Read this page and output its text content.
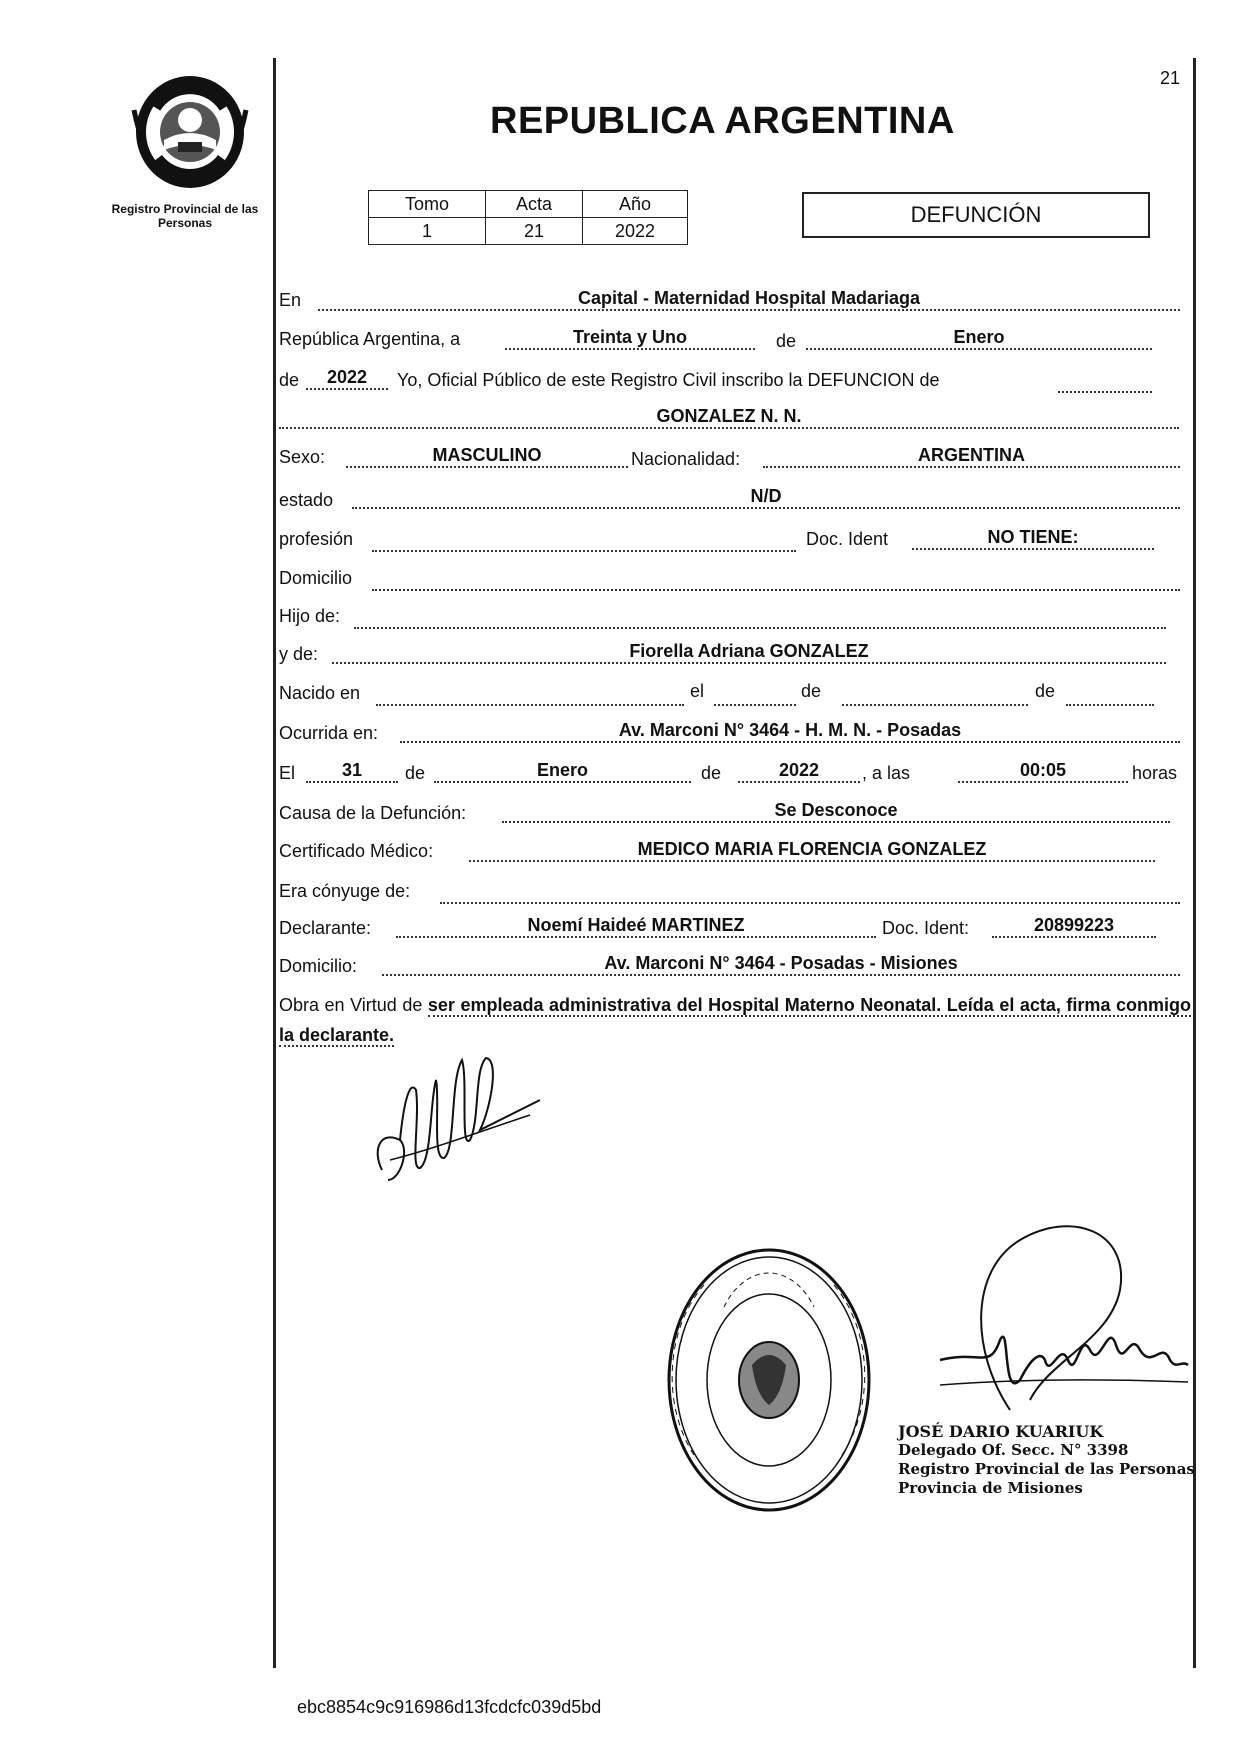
Registro Provincial de las Personas
21
REPUBLICA ARGENTINA
Tomo	Acta	Año
1	21	2022
DEFUNCIÓN
En	Capital - Maternidad Hospital Madariaga
República Argentina, a	Treinta y Uno	de	Enero
de	2022	Yo, Oficial Público de este Registro Civil inscribo la DEFUNCION de
GONZALEZ N. N.
Sexo:	MASCULINO	Nacionalidad:	ARGENTINA
estado	N/D
profesión	Doc. Ident	NO TIENE:
Domicilio
Hijo de:
y de:	Fiorella Adriana GONZALEZ
Nacido en	el	de	de
Ocurrida en:	Av. Marconi N° 3464 - H. M. N. - Posadas
El	31	de	Enero	de	2022	, a las	00:05	horas
Causa de la Defunción:	Se Desconoce
Certificado Médico:	MEDICO MARIA FLORENCIA GONZALEZ
Era cónyuge de:
Declarante:	Noemí Haideé MARTINEZ	Doc. Ident:	20899223
Domicilio:	Av. Marconi N° 3464 - Posadas - Misiones
Obra en Virtud de ser empleada administrativa del Hospital Materno Neonatal. Leída el acta, firma conmigo la declarante.
JOSÉ DARIO KUARIUK
Delegado Of. Secc. N° 3398
Registro Provincial de las Personas
Provincia de Misiones
ebc8854c9c916986d13fcdcfc039d5bd
